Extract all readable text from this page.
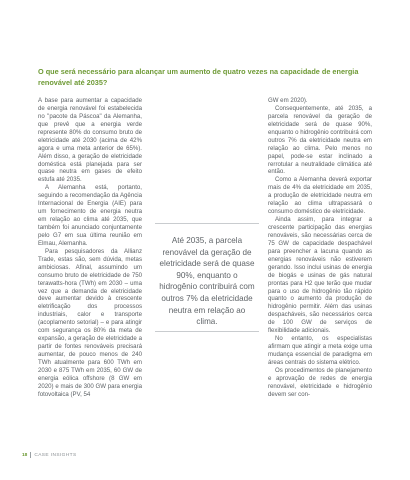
O que será necessário para alcançar um aumento de quatro vezes na capacidade de energia renovável até 2035?

A base para aumentar a capacidade de energia renovável foi estabelecida no "pacote da Páscoa" da Alemanha, que prevê que a energia verde represente 80% do consumo bruto de eletricidade até 2030 (acima de 42% agora e uma meta anterior de 65%). Além disso, a geração de eletricidade doméstica está planejada para ser quase neutra em gases de efeito estufa até 2035.

A Alemanha está, portanto, seguindo a recomendação da Agência Internacional de Energia (AIE) para um fornecimento de energia neutra em relação ao clima até 2035, que também foi anunciado conjuntamente pelo G7 em sua última reunião em Elmau, Alemanha.

Para pesquisadores da Allianz Trade, estas são, sem dúvida, metas ambiciosas. Afinal, assumindo um consumo bruto de eletricidade de 750 terawatts-hora (TWh) em 2030 – uma vez que a demanda de eletricidade deve aumentar devido à crescente eletrificação dos processos industriais, calor e transporte (acoplamento setorial) – e para atingir com segurança os 80% da meta de expansão, a geração de eletricidade a partir de fontes renováveis precisará aumentar, de pouco menos de 240 TWh atualmente para 600 TWh em 2030 e 875 TWh em 2035, 60 GW de energia eólica offshore (8 GW em 2020) e mais de 300 GW para energia fotovoltaica (PV, 54

Até 2035, a parcela renovável da geração de eletricidade será de quase 90%, enquanto o hidrogênio contribuirá com outros 7% da eletricidade neutra em relação ao clima.

GW em 2020).

Consequentemente, até 2035, a parcela renovável da geração de eletricidade será de quase 90%, enquanto o hidrogênio contribuirá com outros 7% da eletricidade neutra em relação ao clima. Pelo menos no papel, pode-se estar inclinado a rerrotular a neutralidade climática até então.

Como a Alemanha deverá exportar mais de 4% da eletricidade em 2035, a produção de eletricidade neutra em relação ao clima ultrapassará o consumo doméstico de eletricidade.

Ainda assim, para integrar a crescente participação das energias renováveis, são necessárias cerca de 75 GW de capacidade despachável para preencher a lacuna quando as energias renováveis não estiverem gerando. Isso inclui usinas de energia de biogás e usinas de gás natural prontas para H2 que terão que mudar para o uso de hidrogênio tão rápido quanto o aumento da produção de hidrogênio permitir. Além das usinas despacháveis, são necessários cerca de 100 GW de serviços de flexibilidade adicionais.

No entanto, os especialistas afirmam que atingir a meta exige uma mudança essencial de paradigma em áreas centrais do sistema elétrico.

Os procedimentos de planejamento e aprovação de redes de energia renovável, eletricidade e hidrogênio devem ser con-

18 CASE INSIGHTS
